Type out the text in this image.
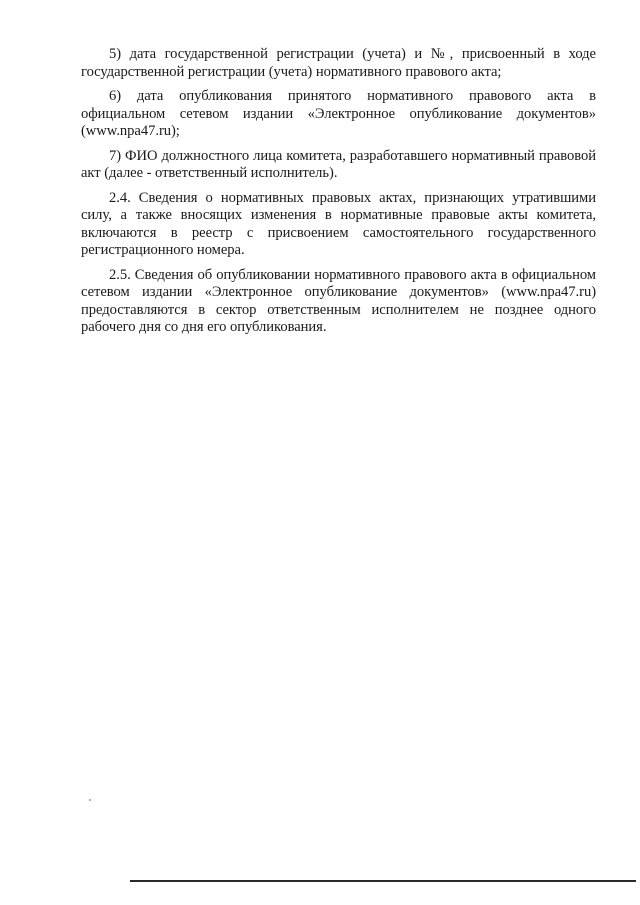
5) дата государственной регистрации (учета) и №, присвоенный в ходе государственной регистрации (учета) нормативного правового акта;

6) дата опубликования принятого нормативного правового акта в официальном сетевом издании «Электронное опубликование документов» (www.npa47.ru);

7) ФИО должностного лица комитета, разработавшего нормативный правовой акт (далее - ответственный исполнитель).

2.4. Сведения о нормативных правовых актах, признающих утратившими силу, а также вносящих изменения в нормативные правовые акты комитета, включаются в реестр с присвоением самостоятельного государственного регистрационного номера.

2.5. Сведения об опубликовании нормативного правового акта в официальном сетевом издании «Электронное опубликование документов» (www.npa47.ru) предоставляются в сектор ответственным исполнителем не позднее одного рабочего дня со дня его опубликования.
